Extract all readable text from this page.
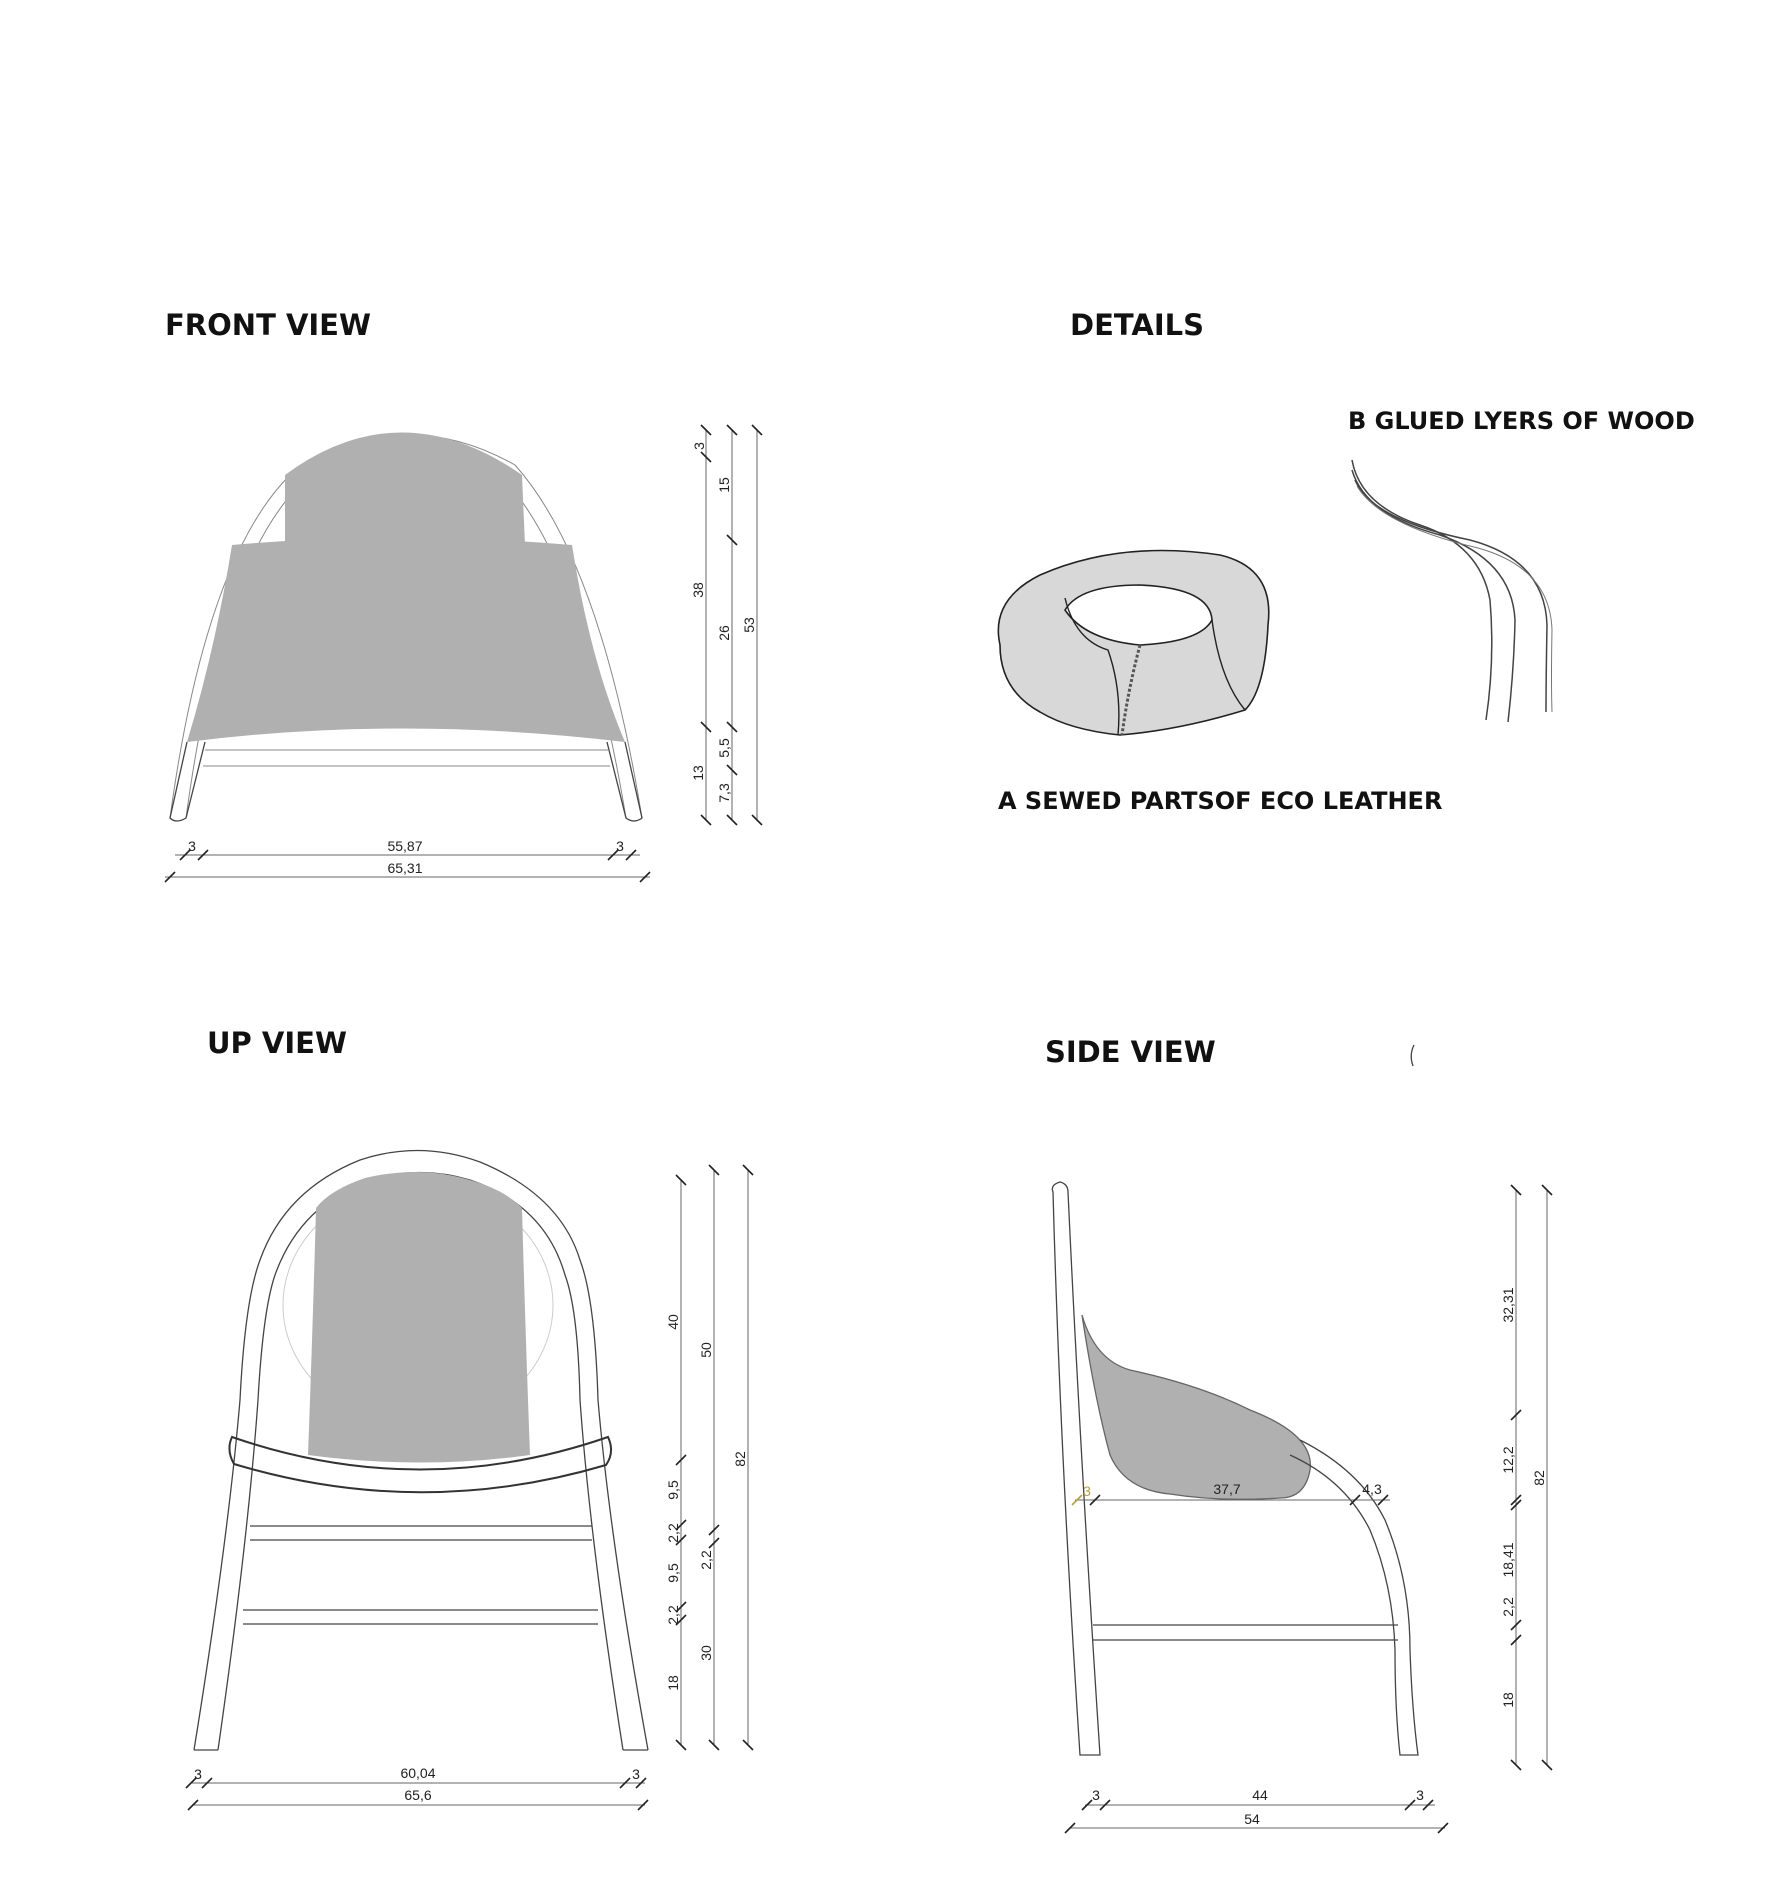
FRONT VIEW	DETAILS
UP VIEW	SIDE VIEW
3	55,87	3
65,31
3
38
13
15
26
5,5
7,3
53
B GLUED LYERS OF WOOD
A SEWED PARTSOF ECO LEATHER
3	60,04	3
65,6
40
9,5
2,2
9,5
2,2
18
50
2,2
30
82
3	37,7	4,3
3	44	3
54
32,31
12,2
18,41
2,2
18
82
